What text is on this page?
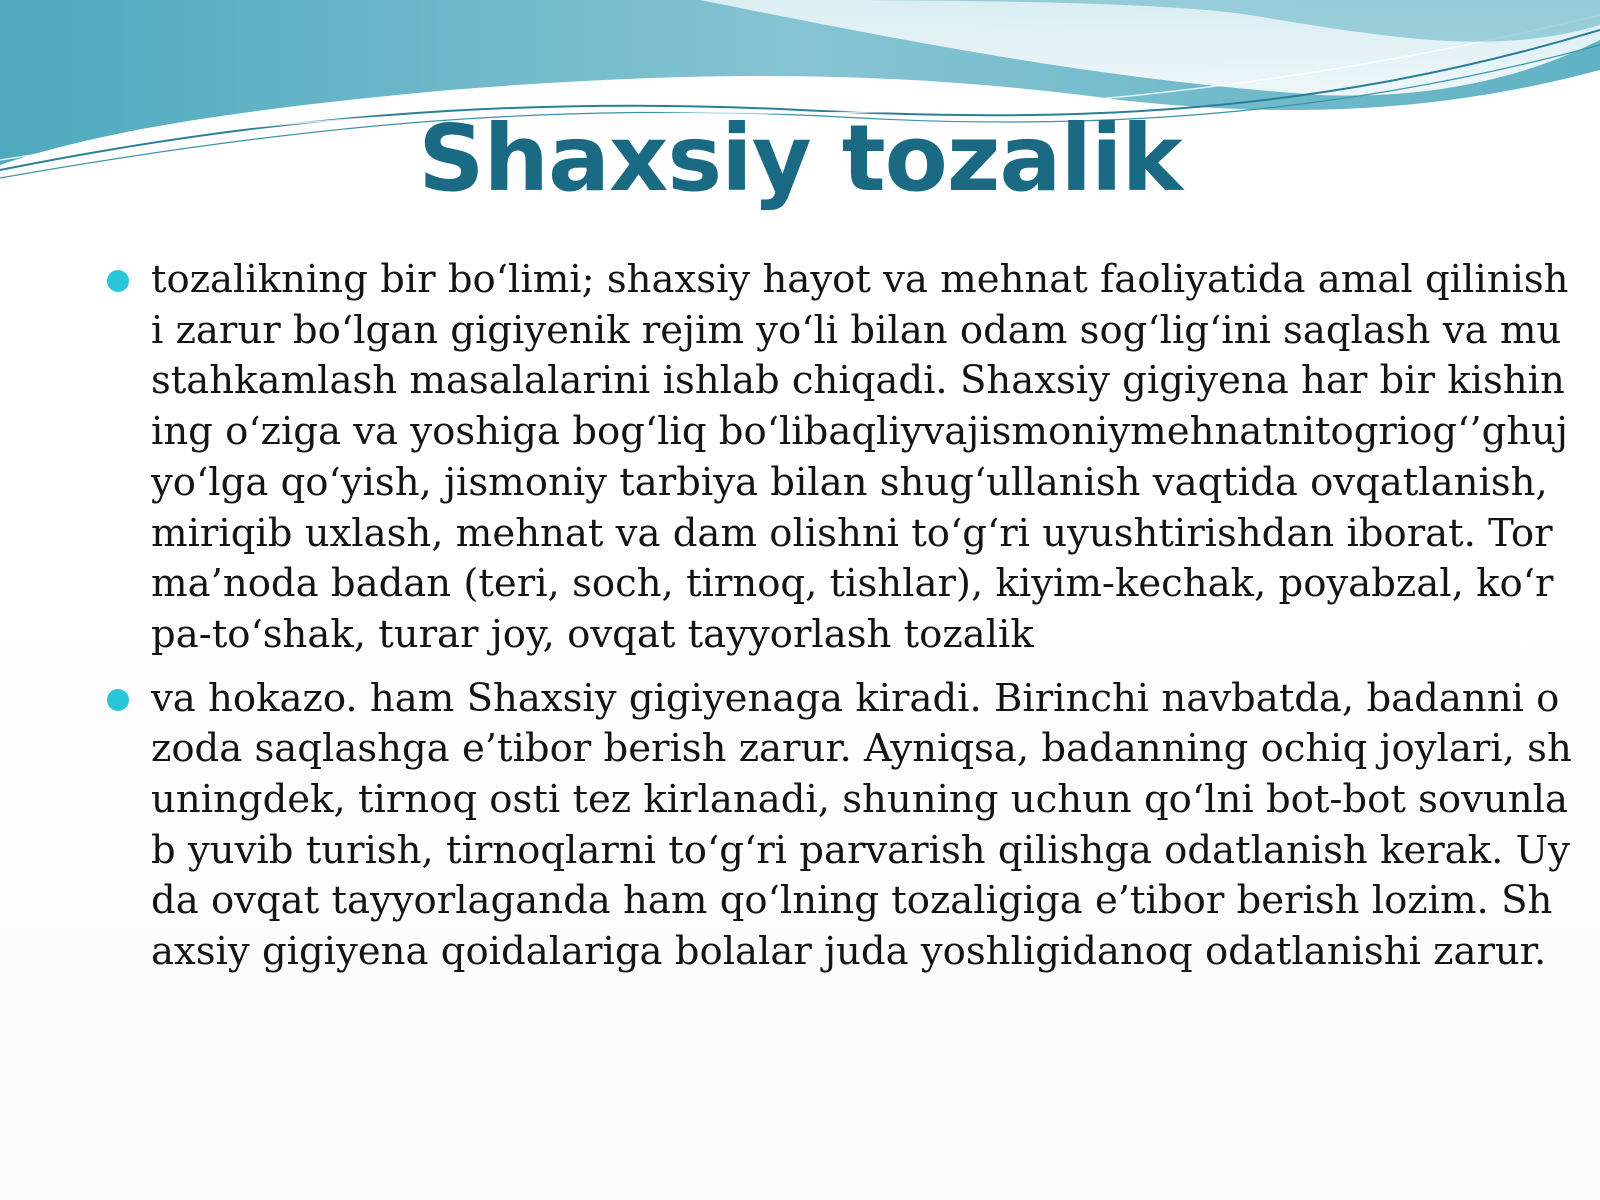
Shaxsiy tozalik
tozalikning bir bo‘limi; shaxsiy hayot va mehnat faoliyatida amal qilinishi zarur bo‘lgan gigiyenik rejim yo‘li bilan odam sog‘lig‘ini saqlash va mustahkamlash masalalarini ishlab chiqadi. Shaxsiy gigiyena har bir kishining o‘ziga va yoshiga bog‘liq bo‘libaqliyvajismoniymehnatnitogriog‘’ghuj yo‘lga qo‘yish, jismoniy tarbiya bilan shug‘ullanish vaqtida ovqatlanish, miriqib uxlash, mehnat va dam olishni to‘g‘ri uyushtirishdan iborat. Tor ma’noda badan (teri, soch, tirnoq, tishlar), kiyim-kechak, poyabzal, ko‘rpa-to‘shak, turar joy, ovqat tayyorlash tozalik
va hokazo. ham Shaxsiy gigiyenaga kiradi. Birinchi navbatda, badanni ozoda saqlashga e’tibor berish zarur. Ayniqsa, badanning ochiq joylari, shuningdek, tirnoq osti tez kirlanadi, shuning uchun qo‘lni bot-bot sovunlab yuvib turish, tirnoqlarni to‘g‘ri parvarish qilishga odatlanish kerak. Uyda ovqat tayyorlaganda ham qo‘lning tozaligiga e’tibor berish lozim. Shaxsiy gigiyena qoidalariga bolalar juda yoshligidanoq odatlanishi zarur.
